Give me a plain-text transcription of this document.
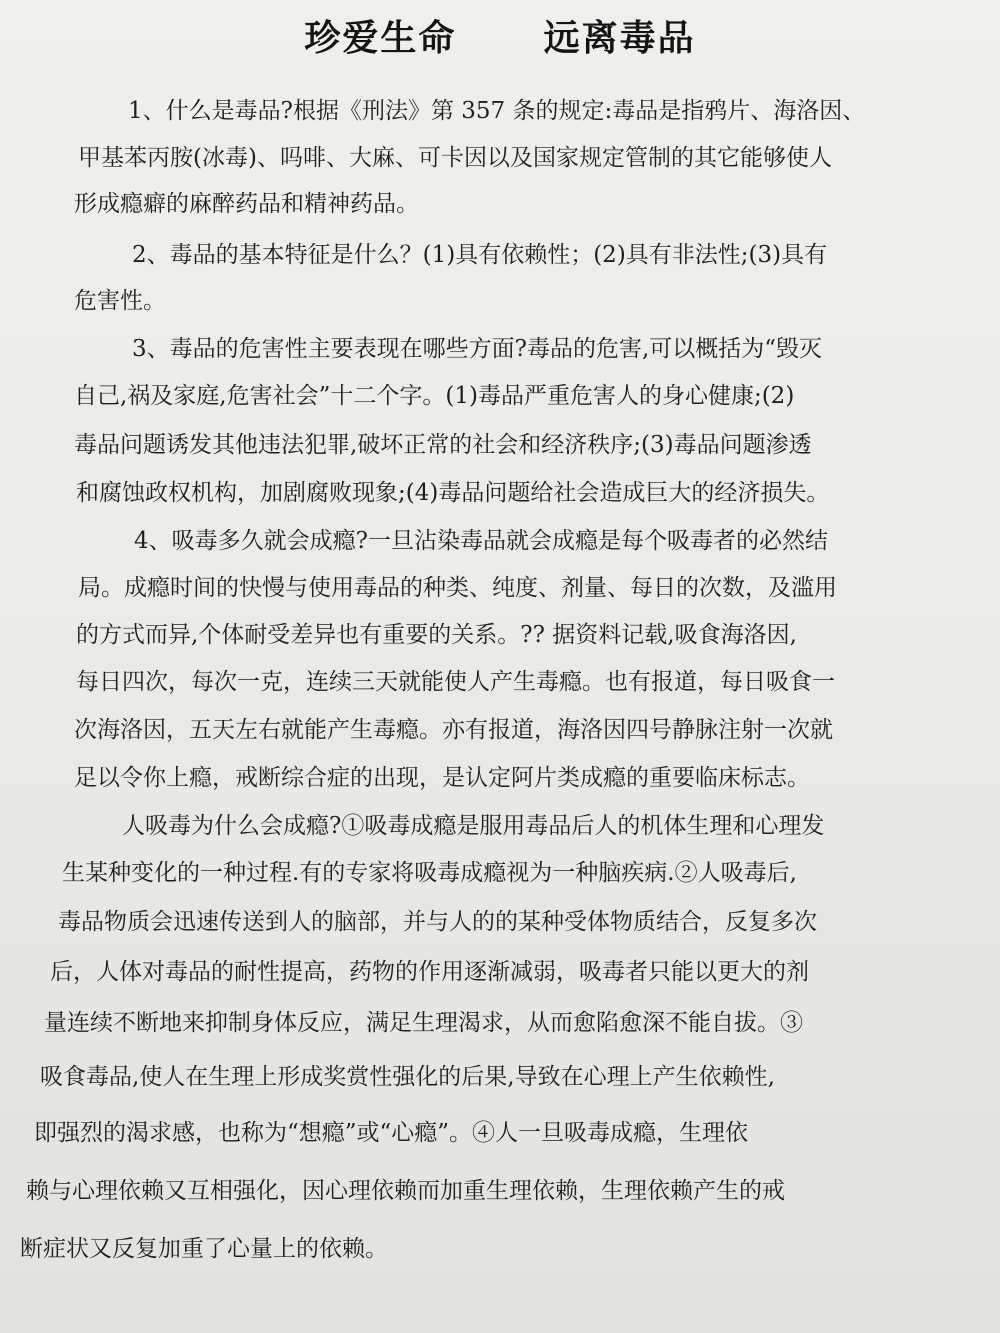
珍爱生命      远离毒品

1、什么是毒品?根据《刑法》第 357 条的规定:毒品是指鸦片、海洛因、

甲基苯丙胺(冰毒)、吗啡、大麻、可卡因以及国家规定管制的其它能够使人

形成瘾癖的麻醉药品和精神药品。

2、毒品的基本特征是什么？(1)具有依赖性；(2)具有非法性;(3)具有

危害性。

3、毒品的危害性主要表现在哪些方面?毒品的危害,可以概括为“毁灭

自己,祸及家庭,危害社会”十二个字。(1)毒品严重危害人的身心健康;(2)

毒品问题诱发其他违法犯罪,破坏正常的社会和经济秩序;(3)毒品问题渗透

和腐蚀政权机构，加剧腐败现象;(4)毒品问题给社会造成巨大的经济损失。

4、吸毒多久就会成瘾?一旦沾染毒品就会成瘾是每个吸毒者的必然结

局。成瘾时间的快慢与使用毒品的种类、纯度、剂量、每日的次数，及滥用

的方式而异,个体耐受差异也有重要的关系。?? 据资料记载,吸食海洛因,

每日四次，每次一克，连续三天就能使人产生毒瘾。也有报道，每日吸食一

次海洛因，五天左右就能产生毒瘾。亦有报道，海洛因四号静脉注射一次就

足以令你上瘾，戒断综合症的出现，是认定阿片类成瘾的重要临床标志。

人吸毒为什么会成瘾?①吸毒成瘾是服用毒品后人的机体生理和心理发

生某种变化的一种过程.有的专家将吸毒成瘾视为一种脑疾病.②人吸毒后,

毒品物质会迅速传送到人的脑部，并与人的的某种受体物质结合，反复多次

后，人体对毒品的耐性提高，药物的作用逐渐减弱，吸毒者只能以更大的剂

量连续不断地来抑制身体反应，满足生理渴求，从而愈陷愈深不能自拔。③

吸食毒品,使人在生理上形成奖赏性强化的后果,导致在心理上产生依赖性,

即强烈的渴求感，也称为“想瘾”或“心瘾”。④人一旦吸毒成瘾，生理依

赖与心理依赖又互相强化，因心理依赖而加重生理依赖，生理依赖产生的戒

断症状又反复加重了心量上的依赖。
